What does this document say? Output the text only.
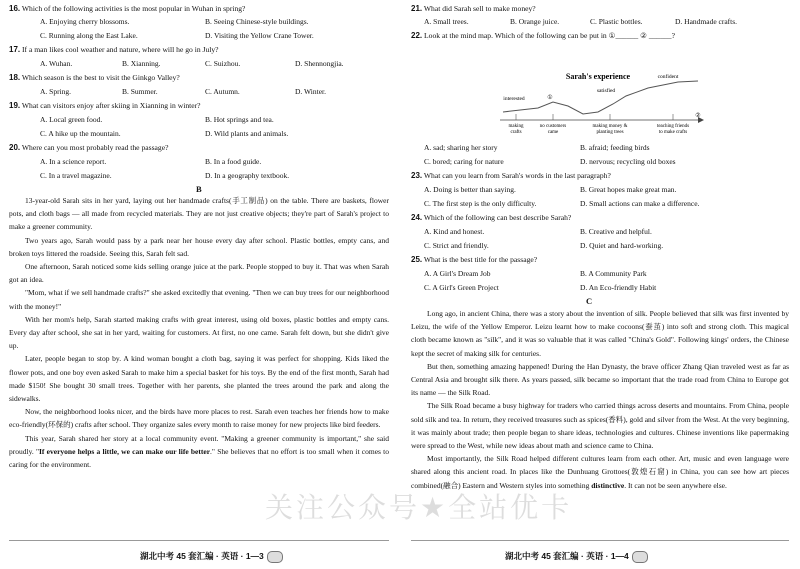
16. Which of the following activities is the most popular in Wuhan in spring?
A. Enjoying cherry blossoms.	B. Seeing Chinese-style buildings.
C. Running along the East Lake.	D. Visiting the Yellow Crane Tower.
17. If a man likes cool weather and nature, where will he go in July?
A. Wuhan.	B. Xianning.	C. Suizhou.	D. Shennongjia.
18. Which season is the best to visit the Ginkgo Valley?
A. Spring.	B. Summer.	C. Autumn.	D. Winter.
19. What can visitors enjoy after skiing in Xianning in winter?
A. Local green food.	B. Hot springs and tea.
C. A hike up the mountain.	D. Wild plants and animals.
20. Where can you most probably read the passage?
A. In a science report.	B. In a food guide.
C. In a travel magazine.	D. In a geography textbook.
B

13-year-old Sarah sits in her yard, laying out her handmade crafts(手工制品) on the table. There are baskets, flower pots, and cloth bags — all made from recycled materials. They are not just creative objects; they're part of Sarah's project to make a greener community.

Two years ago, Sarah would pass by a park near her house every day after school. Plastic bottles, empty cans, and broken toys littered the roadside. Seeing this, Sarah felt sad.

One afternoon, Sarah noticed some kids selling orange juice at the park. People stopped to buy it. That was when Sarah got an idea.

"Mom, what if we sell handmade crafts?" she asked excitedly that evening. "Then we can buy trees for our neighborhood with the money!"

With her mom's help, Sarah started making crafts with great interest, using old boxes, plastic bottles and empty cans. Every day after school, she sat in her yard, waiting for customers. At first, no one came. Sarah felt down, but she didn't give up.

Later, people began to stop by. A kind woman bought a cloth bag, saying it was perfect for shopping. Kids liked the flower pots, and one boy even asked Sarah to make him a special basket for his toys. By the end of the first month, Sarah had made $150! She bought 30 small trees. Together with her parents, she planted the trees around the park and along the sidewalks.

Now, the neighborhood looks nicer, and the birds have more places to rest. Sarah even teaches her friends how to make eco-friendly(环保的) crafts after school. They organize sales every month to raise money for new projects like bird feeders.

This year, Sarah shared her story at a local community event. "Making a greener community is important," she said proudly. "If everyone helps a little, we can make our life better." She believes that no effort is too small when it comes to caring for the environment.

湖北中考 45 套汇编 · 英语 · 1—3
21. What did Sarah sell to make money?
A. Small trees.	B. Orange juice.	C. Plastic bottles.	D. Handmade crafts.
22. Look at the mind map. Which of the following can be put in ①______ ② ______?
Sarah's experience
interested	①
satisfied
confident
making
crafts
no customers
came
making money &
planting trees
teaching friends
to make crafts
②
A. sad; sharing her story	B. afraid; feeding birds
C. bored; caring for nature	D. nervous; recycling old boxes
23. What can you learn from Sarah's words in the last paragraph?
A. Doing is better than saying.	B. Great hopes make great man.
C. The first step is the only difficulty.	D. Small actions can make a difference.
24. Which of the following can best describe Sarah?
A. Kind and honest.	B. Creative and helpful.
C. Strict and friendly.	D. Quiet and hard-working.
25. What is the best title for the passage?
A. A Girl's Dream Job	B. A Community Park
C. A Girl's Green Project	D. An Eco-friendly Habit
C

Long ago, in ancient China, there was a story about the invention of silk. People believed that silk was first invented by Leizu, the wife of the Yellow Emperor. Leizu learnt how to make cocoons(蚕茧) into soft and strong cloth. This magical cloth became known as "silk", and it was so valuable that it was called "China's Gold". Following kings' orders, the Chinese kept the secret of making silk for centuries.

But then, something amazing happened! During the Han Dynasty, the brave officer Zhang Qian traveled west as far as Central Asia and brought silk there. As years passed, silk became so important that the trade road from China to Europe got its name — the Silk Road.

The Silk Road became a busy highway for traders who carried things across deserts and mountains. From China, people sold silk and tea. In return, they received treasures such as spices(香料), gold and silver from the West. At the very beginning, it was mainly about trade; then people began to share ideas, technologies and cultures. Chinese inventions like papermaking were spread to the West, while new ideas about math and science came to China.

Most importantly, the Silk Road helped different cultures learn from each other. Art, music and even language were shared along this ancient road. In places like the Dunhuang Grottoes(敦煌石窟) in China, you can see how art pieces combined(融合) Eastern and Western styles into something distinctive. It can not be seen anywhere else.

湖北中考 45 套汇编 · 英语 · 1—4
关注公众号★全站优卡
